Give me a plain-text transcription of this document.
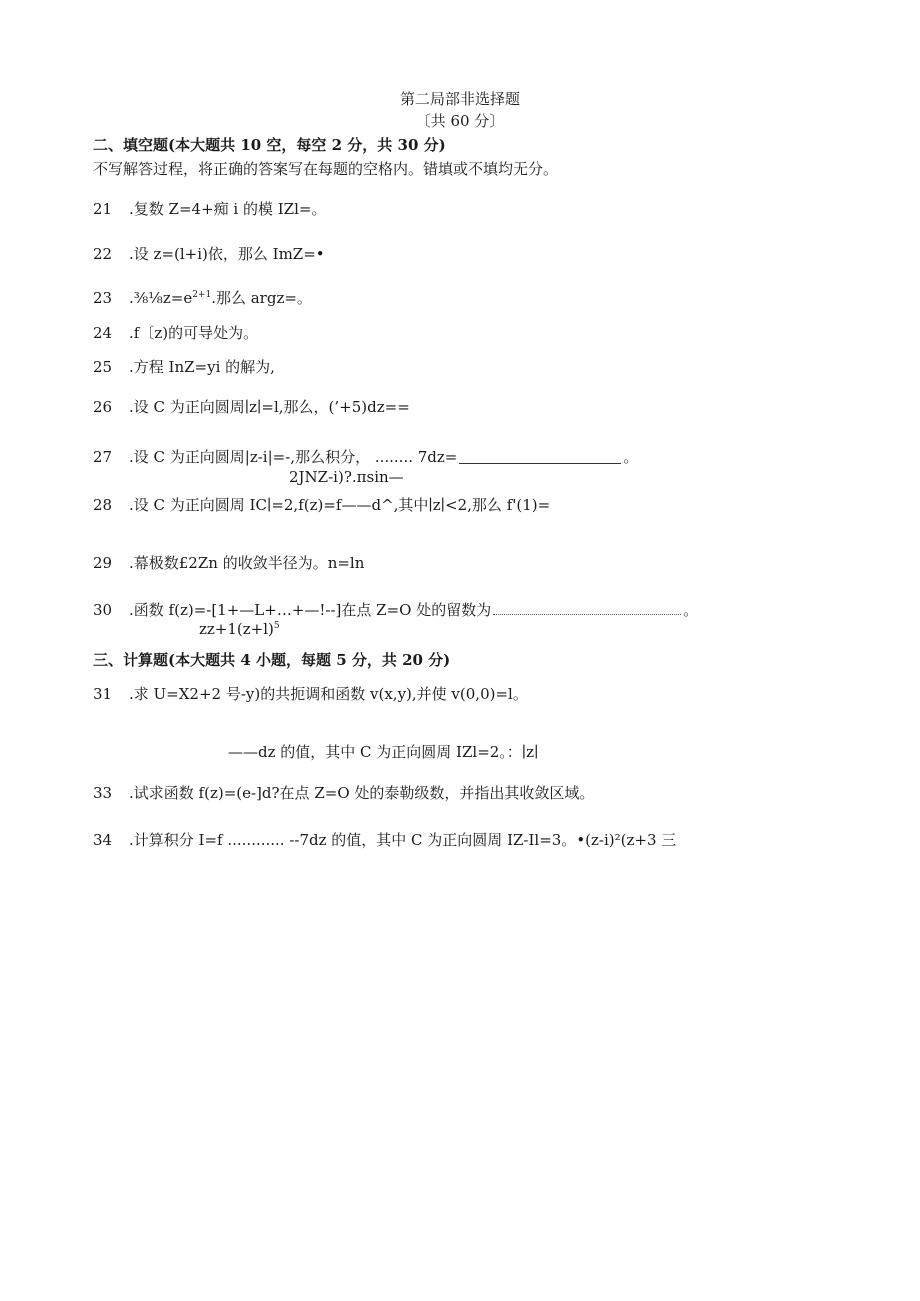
第二局部非选择题
〔共 60 分〕
二、填空题(本大题共 10 空，每空 2 分，共 30 分)
不写解答过程，将正确的答案写在每题的空格内。错填或不填均无分。
21 .复数 Z=4+痴 i 的模 IZl=。
22 .设 z=(l+i)依，那么 ImZ=•
23 $.\frac{3}{8}\frac{1}{8}z=e^{2+1}$.那么 argz=。
24 .f〔z)的可导处为。
25 .方程 InZ=yi 的解为,
26 .设 C 为正向圆周∣z∣=l,那么，(’+5)dz==
27 .设 C 为正向圆周|z-i|=-,那么积分， ........ 7dz=	。
2JNZ-i)?.πsin—
28 .设 C 为正向圆周 IC∣=2,f(z)=f——d^,其中∣z∣<2,那么 f'(1)=
29 .幕极数£2Zn 的收敛半径为。n=ln
30 .函数 f(z)=-[1+—L+…+—!--]在点 Z=O 处的留数为	。
$zz+1(z+l)^5$
三、计算题(本大题共 4 小题，每题 5 分，共 20 分)
31 .求 U=X2+2 号-y)的共扼调和函数 v(x,y),并使 v(0,0)=l。
——dz 的值，其中 C 为正向圆周 IZl=2。：∣z∣
33 .试求函数 f(z)=(e-]d?在点 Z=O 处的泰勒级数，并指出其收敛区域。
34 .计算积分 I=f ............ --7dz 的值，其中 C 为正向圆周 IZ-Il=3。•(z-i)²(z+3 三
